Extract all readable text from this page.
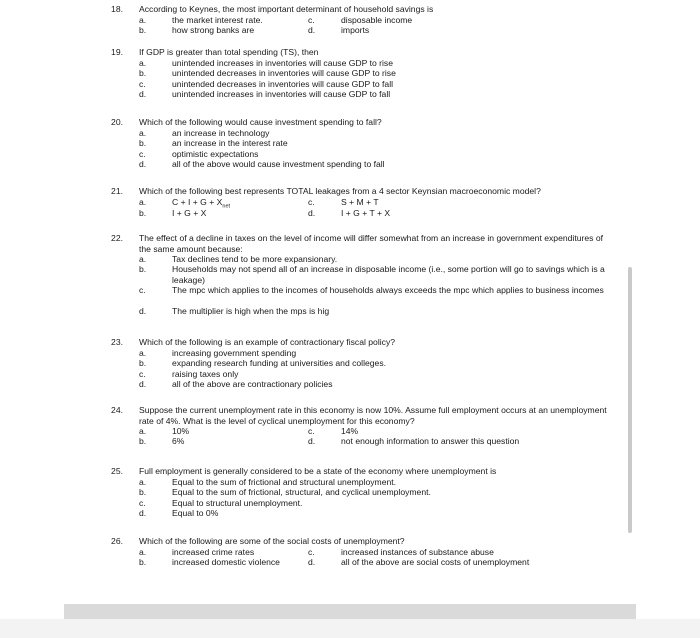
18. According to Keynes, the most important determinant of household savings is
a.	the market interest rate.	c.	disposable income
b.	how strong banks are	d.	imports
19. If GDP is greater than total spending (TS), then
a.	unintended increases in inventories will cause GDP to rise
b.	unintended decreases in inventories will cause GDP to rise
c.	unintended decreases in inventories will cause GDP to fall
d.	unintended increases in inventories will cause GDP to fall
20. Which of the following would cause investment spending to fall?
a.	an increase in technology
b.	an increase in the interest rate
c.	optimistic expectations
d.	all of the above would cause investment spending to fall
21. Which of the following best represents TOTAL leakages from a 4 sector Keynsian macroeconomic model?
a.	$C + I + G + X_{net}$	c.	S + M + T
b.	I + G + X	d.	I + G + T + X
22. The effect of a decline in taxes on the level of income will differ somewhat from an increase in government expenditures of the same amount because:
a.	Tax declines tend to be more expansionary.
b.	Households may not spend all of an increase in disposable income (i.e., some portion will go to savings which is a leakage)
c.	The mpc which applies to the incomes of households always exceeds the mpc which applies to business incomes
d.	The multiplier is high when the mps is hig
23. Which of the following is an example of contractionary fiscal policy?
a.	increasing government spending
b.	expanding research funding at universities and colleges.
c.	raising taxes only
d.	all of the above are contractionary policies
24. Suppose the current unemployment rate in this economy is now 10%. Assume full employment occurs at an unemployment rate of 4%. What is the level of cyclical unemployment for this economy?
a.	10%	c.	14%
b.	6%	d.	not enough information to answer this question
25. Full employment is generally considered to be a state of the economy where unemployment is
a.	Equal to the sum of frictional and structural unemployment.
b.	Equal to the sum of frictional, structural, and cyclical unemployment.
c.	Equal to structural unemployment.
d.	Equal to 0%
26. Which of the following are some of the social costs of unemployment?
a.	increased crime rates	c.	increased instances of substance abuse
b.	increased domestic violence	d.	all of the above are social costs of unemployment
